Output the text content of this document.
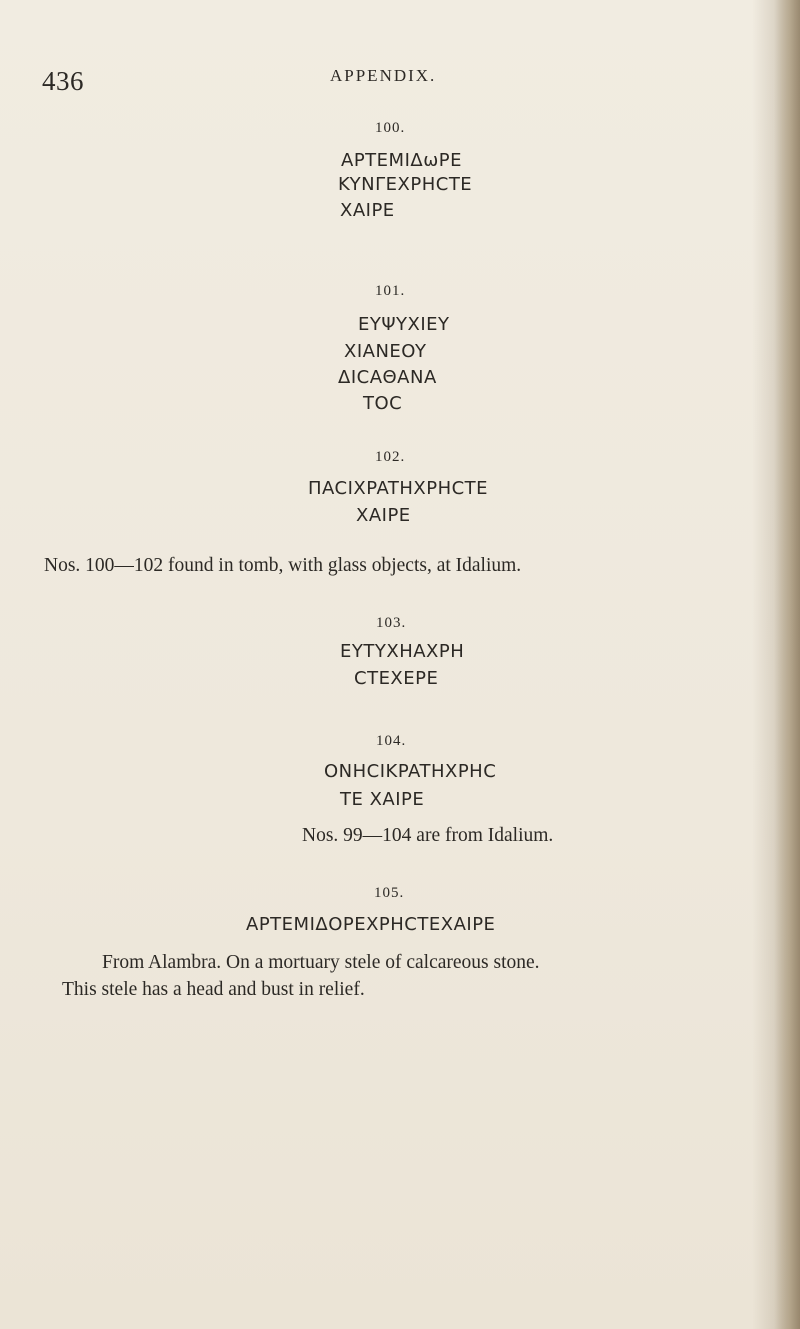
436	APPENDIX.
100.
APTEMIΔωPE
KYNΓEXPHCTE
XAIPE
101.
EYΨYXIEY
XIANEOY
ΔICAΘANA
TOC
102.
ΠACIXPATHXPHCTE
XAIPE
Nos. 100—102 found in tomb, with glass objects, at Idalium.
103.
EYTYXHAXPH
CTEXEPE
104.
ONHCIKPATHXPHC
TE XAIPE
Nos. 99—104 are from Idalium.
105.
APTEMIΔOPEXPHCTEXAIPE
From Alambra. On a mortuary stele of calcareous stone.
This stele has a head and bust in relief.
